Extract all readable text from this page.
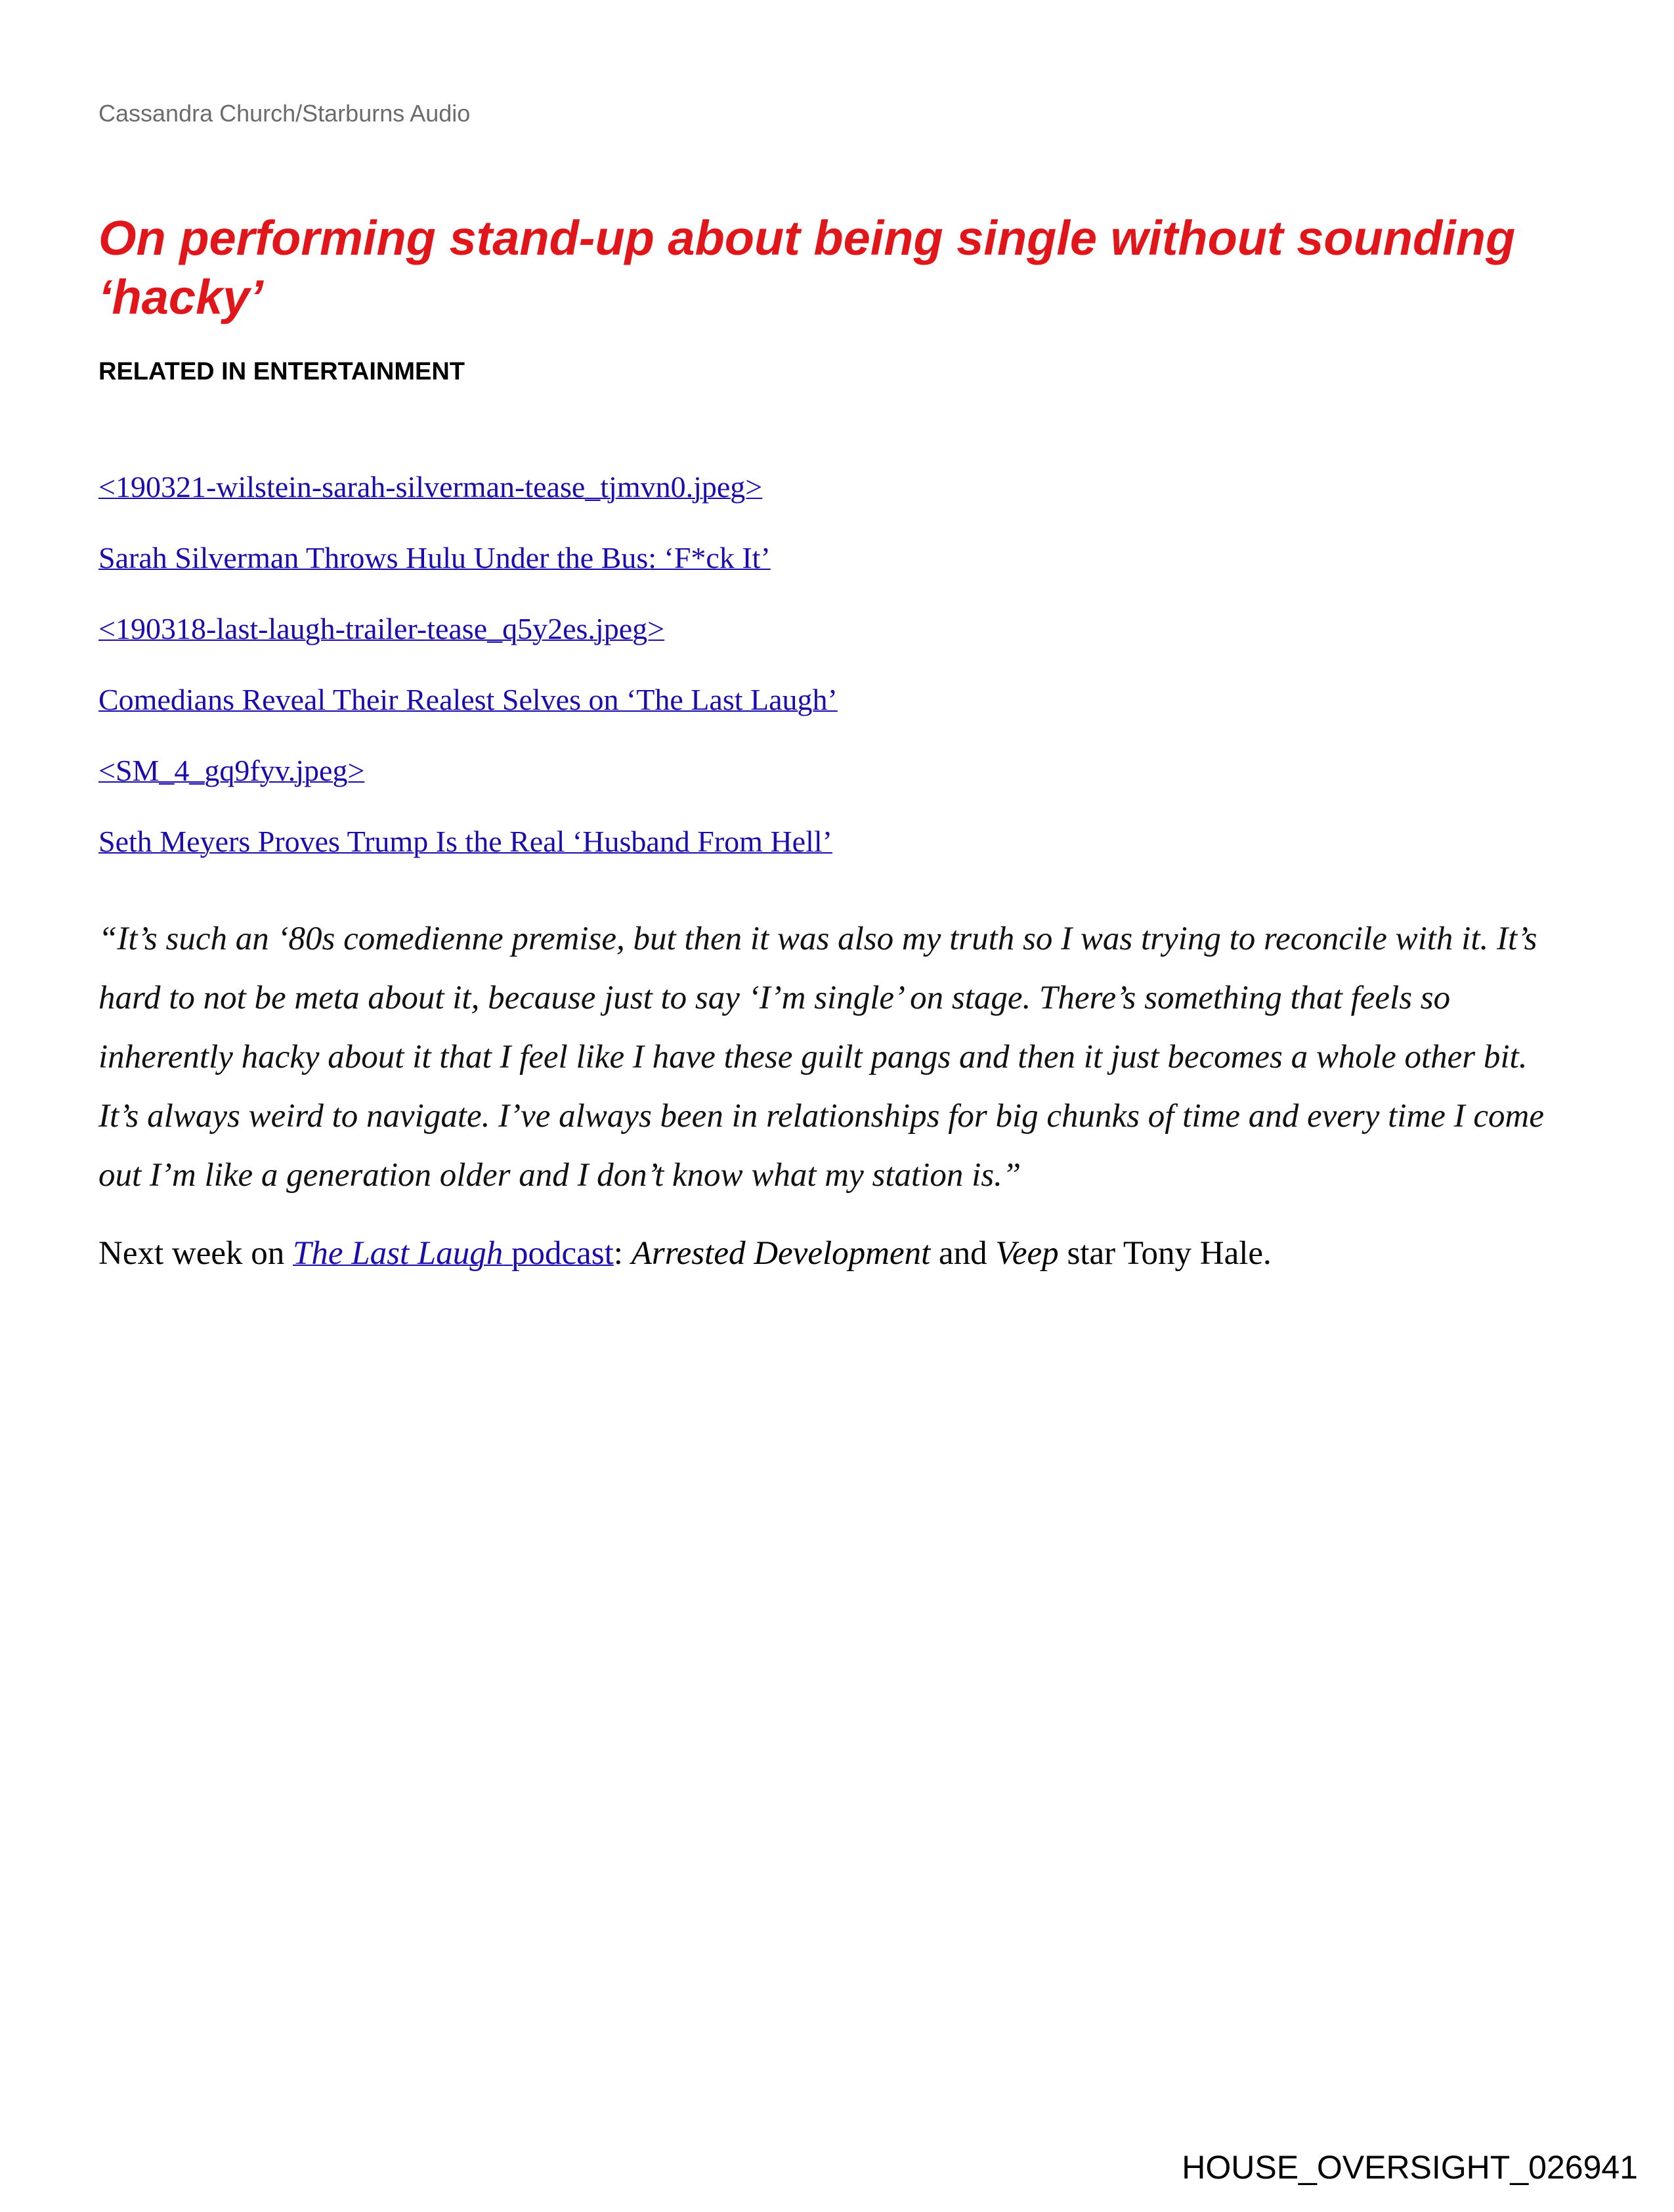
Cassandra Church/Starburns Audio
On performing stand-up about being single without sounding ‘hacky’
RELATED IN ENTERTAINMENT
<190321-wilstein-sarah-silverman-tease_tjmvn0.jpeg>
Sarah Silverman Throws Hulu Under the Bus: ‘F*ck It’
<190318-last-laugh-trailer-tease_q5y2es.jpeg>
Comedians Reveal Their Realest Selves on ‘The Last Laugh’
<SM_4_gq9fyv.jpeg>
Seth Meyers Proves Trump Is the Real ‘Husband From Hell’

“It’s such an ‘80s comedienne premise, but then it was also my truth so I was trying to reconcile with it. It’s hard to not be meta about it, because just to say ‘I’m single’ on stage. There’s something that feels so inherently hacky about it that I feel like I have these guilt pangs and then it just becomes a whole other bit. It’s always weird to navigate. I’ve always been in relationships for big chunks of time and every time I come out I’m like a generation older and I don’t know what my station is.”

Next week on The Last Laugh podcast: Arrested Development and Veep star Tony Hale.

HOUSE_OVERSIGHT_026941
